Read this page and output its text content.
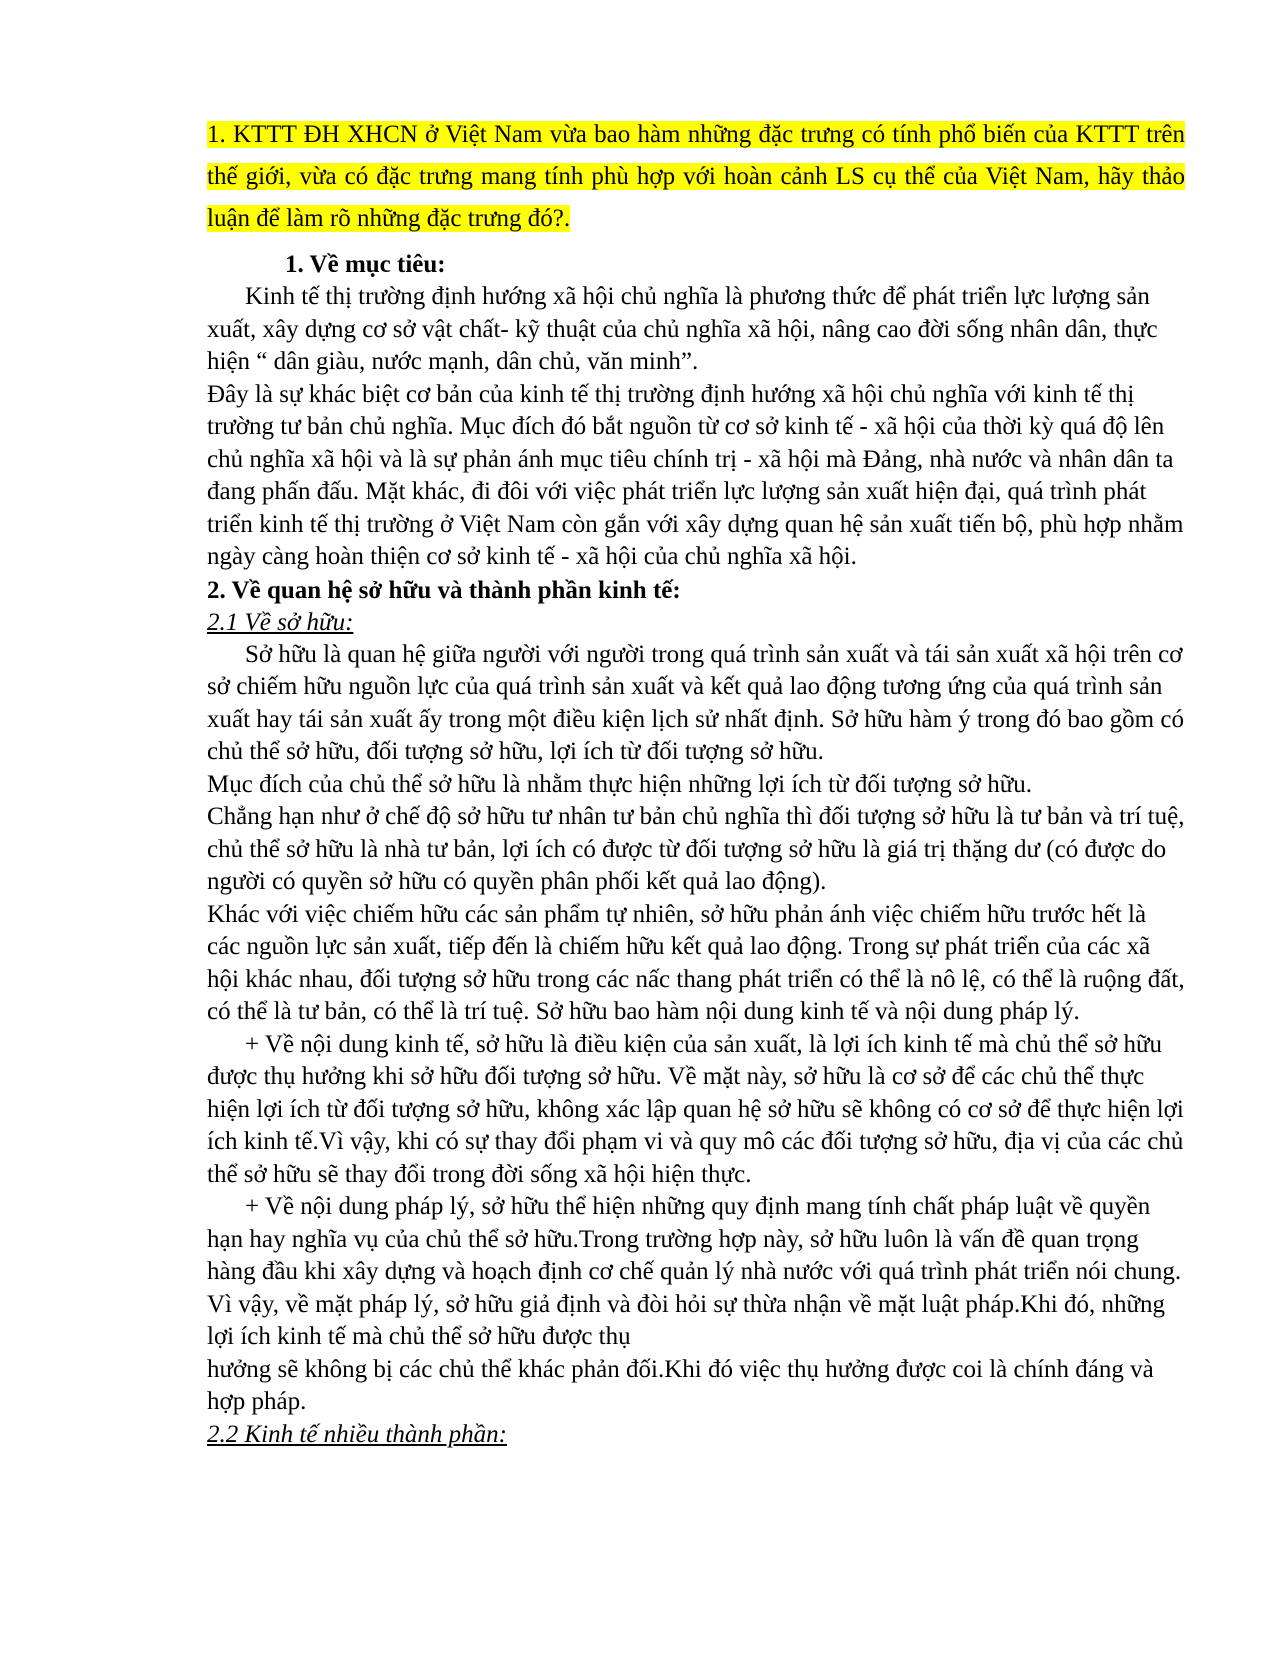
1. KTTT ĐH XHCN ở Việt Nam vừa bao hàm những đặc trưng có tính phổ biến của KTTT trên thế giới, vừa có đặc trưng mang tính phù hợp với hoàn cảnh LS cụ thể của Việt Nam, hãy thảo luận để làm rõ những đặc trưng đó?.

1. Về mục tiêu:

Kinh tế thị trường định hướng xã hội chủ nghĩa là phương thức để phát triển lực lượng sản xuất, xây dựng cơ sở vật chất- kỹ thuật của chủ nghĩa xã hội, nâng cao đời sống nhân dân, thực hiện “ dân giàu, nước mạnh, dân chủ, văn minh”.

Đây là sự khác biệt cơ bản của kinh tế thị trường định hướng xã hội chủ nghĩa với kinh tế thị trường tư bản chủ nghĩa. Mục đích đó bắt nguồn từ cơ sở kinh tế - xã hội của thời kỳ quá độ lên chủ nghĩa xã hội và là sự phản ánh mục tiêu chính trị - xã hội mà Đảng, nhà nước và nhân dân ta đang phấn đấu. Mặt khác, đi đôi với việc phát triển lực lượng sản xuất hiện đại, quá trình phát triển kinh tế thị trường ở Việt Nam còn gắn với xây dựng quan hệ sản xuất tiến bộ, phù hợp nhằm ngày càng hoàn thiện cơ sở kinh tế - xã hội của chủ nghĩa xã hội.

2. Về quan hệ sở hữu và thành phần kinh tế:

2.1 Về sở hữu:

Sở hữu là quan hệ giữa người với người trong quá trình sản xuất và tái sản xuất xã hội trên cơ sở chiếm hữu nguồn lực của quá trình sản xuất và kết quả lao động tương ứng của quá trình sản xuất hay tái sản xuất ấy trong một điều kiện lịch sử nhất định. Sở hữu hàm ý trong đó bao gồm có chủ thể sở hữu, đối tượng sở hữu, lợi ích từ đối tượng sở hữu.

Mục đích của chủ thể sở hữu là nhằm thực hiện những lợi ích từ đối tượng sở hữu.

Chẳng hạn như ở chế độ sở hữu tư nhân tư bản chủ nghĩa thì đối tượng sở hữu là tư bản và trí tuệ, chủ thể sở hữu là nhà tư bản, lợi ích có được từ đối tượng sở hữu là giá trị thặng dư (có được do người có quyền sở hữu có quyền phân phối kết quả lao động).

Khác với việc chiếm hữu các sản phẩm tự nhiên, sở hữu phản ánh việc chiếm hữu trước hết là các nguồn lực sản xuất, tiếp đến là chiếm hữu kết quả lao động. Trong sự phát triển của các xã hội khác nhau, đối tượng sở hữu trong các nấc thang phát triển có thể là nô lệ, có thể là ruộng đất, có thể là tư bản, có thể là trí tuệ. Sở hữu bao hàm nội dung kinh tế và nội dung pháp lý.

+ Về nội dung kinh tế, sở hữu là điều kiện của sản xuất, là lợi ích kinh tế mà chủ thể sở hữu được thụ hưởng khi sở hữu đối tượng sở hữu. Về mặt này, sở hữu là cơ sở để các chủ thể thực hiện lợi ích từ đối tượng sở hữu, không xác lập quan hệ sở hữu sẽ không có cơ sở để thực hiện lợi ích kinh tế.Vì vậy, khi có sự thay đổi phạm vi và quy mô các đối tượng sở hữu, địa vị của các chủ thể sở hữu sẽ thay đổi trong đời sống xã hội hiện thực.

+ Về nội dung pháp lý, sở hữu thể hiện những quy định mang tính chất pháp luật về quyền hạn hay nghĩa vụ của chủ thể sở hữu.Trong trường hợp này, sở hữu luôn là vấn đề quan trọng hàng đầu khi xây dựng và hoạch định cơ chế quản lý nhà nước với quá trình phát triển nói chung. Vì vậy, về mặt pháp lý, sở hữu giả định và đòi hỏi sự thừa nhận về mặt luật pháp.Khi đó, những lợi ích kinh tế mà chủ thể sở hữu được thụ

hưởng sẽ không bị các chủ thể khác phản đối.Khi đó việc thụ hưởng được coi là chính đáng và hợp pháp.

2.2 Kinh tế nhiều thành phần:
